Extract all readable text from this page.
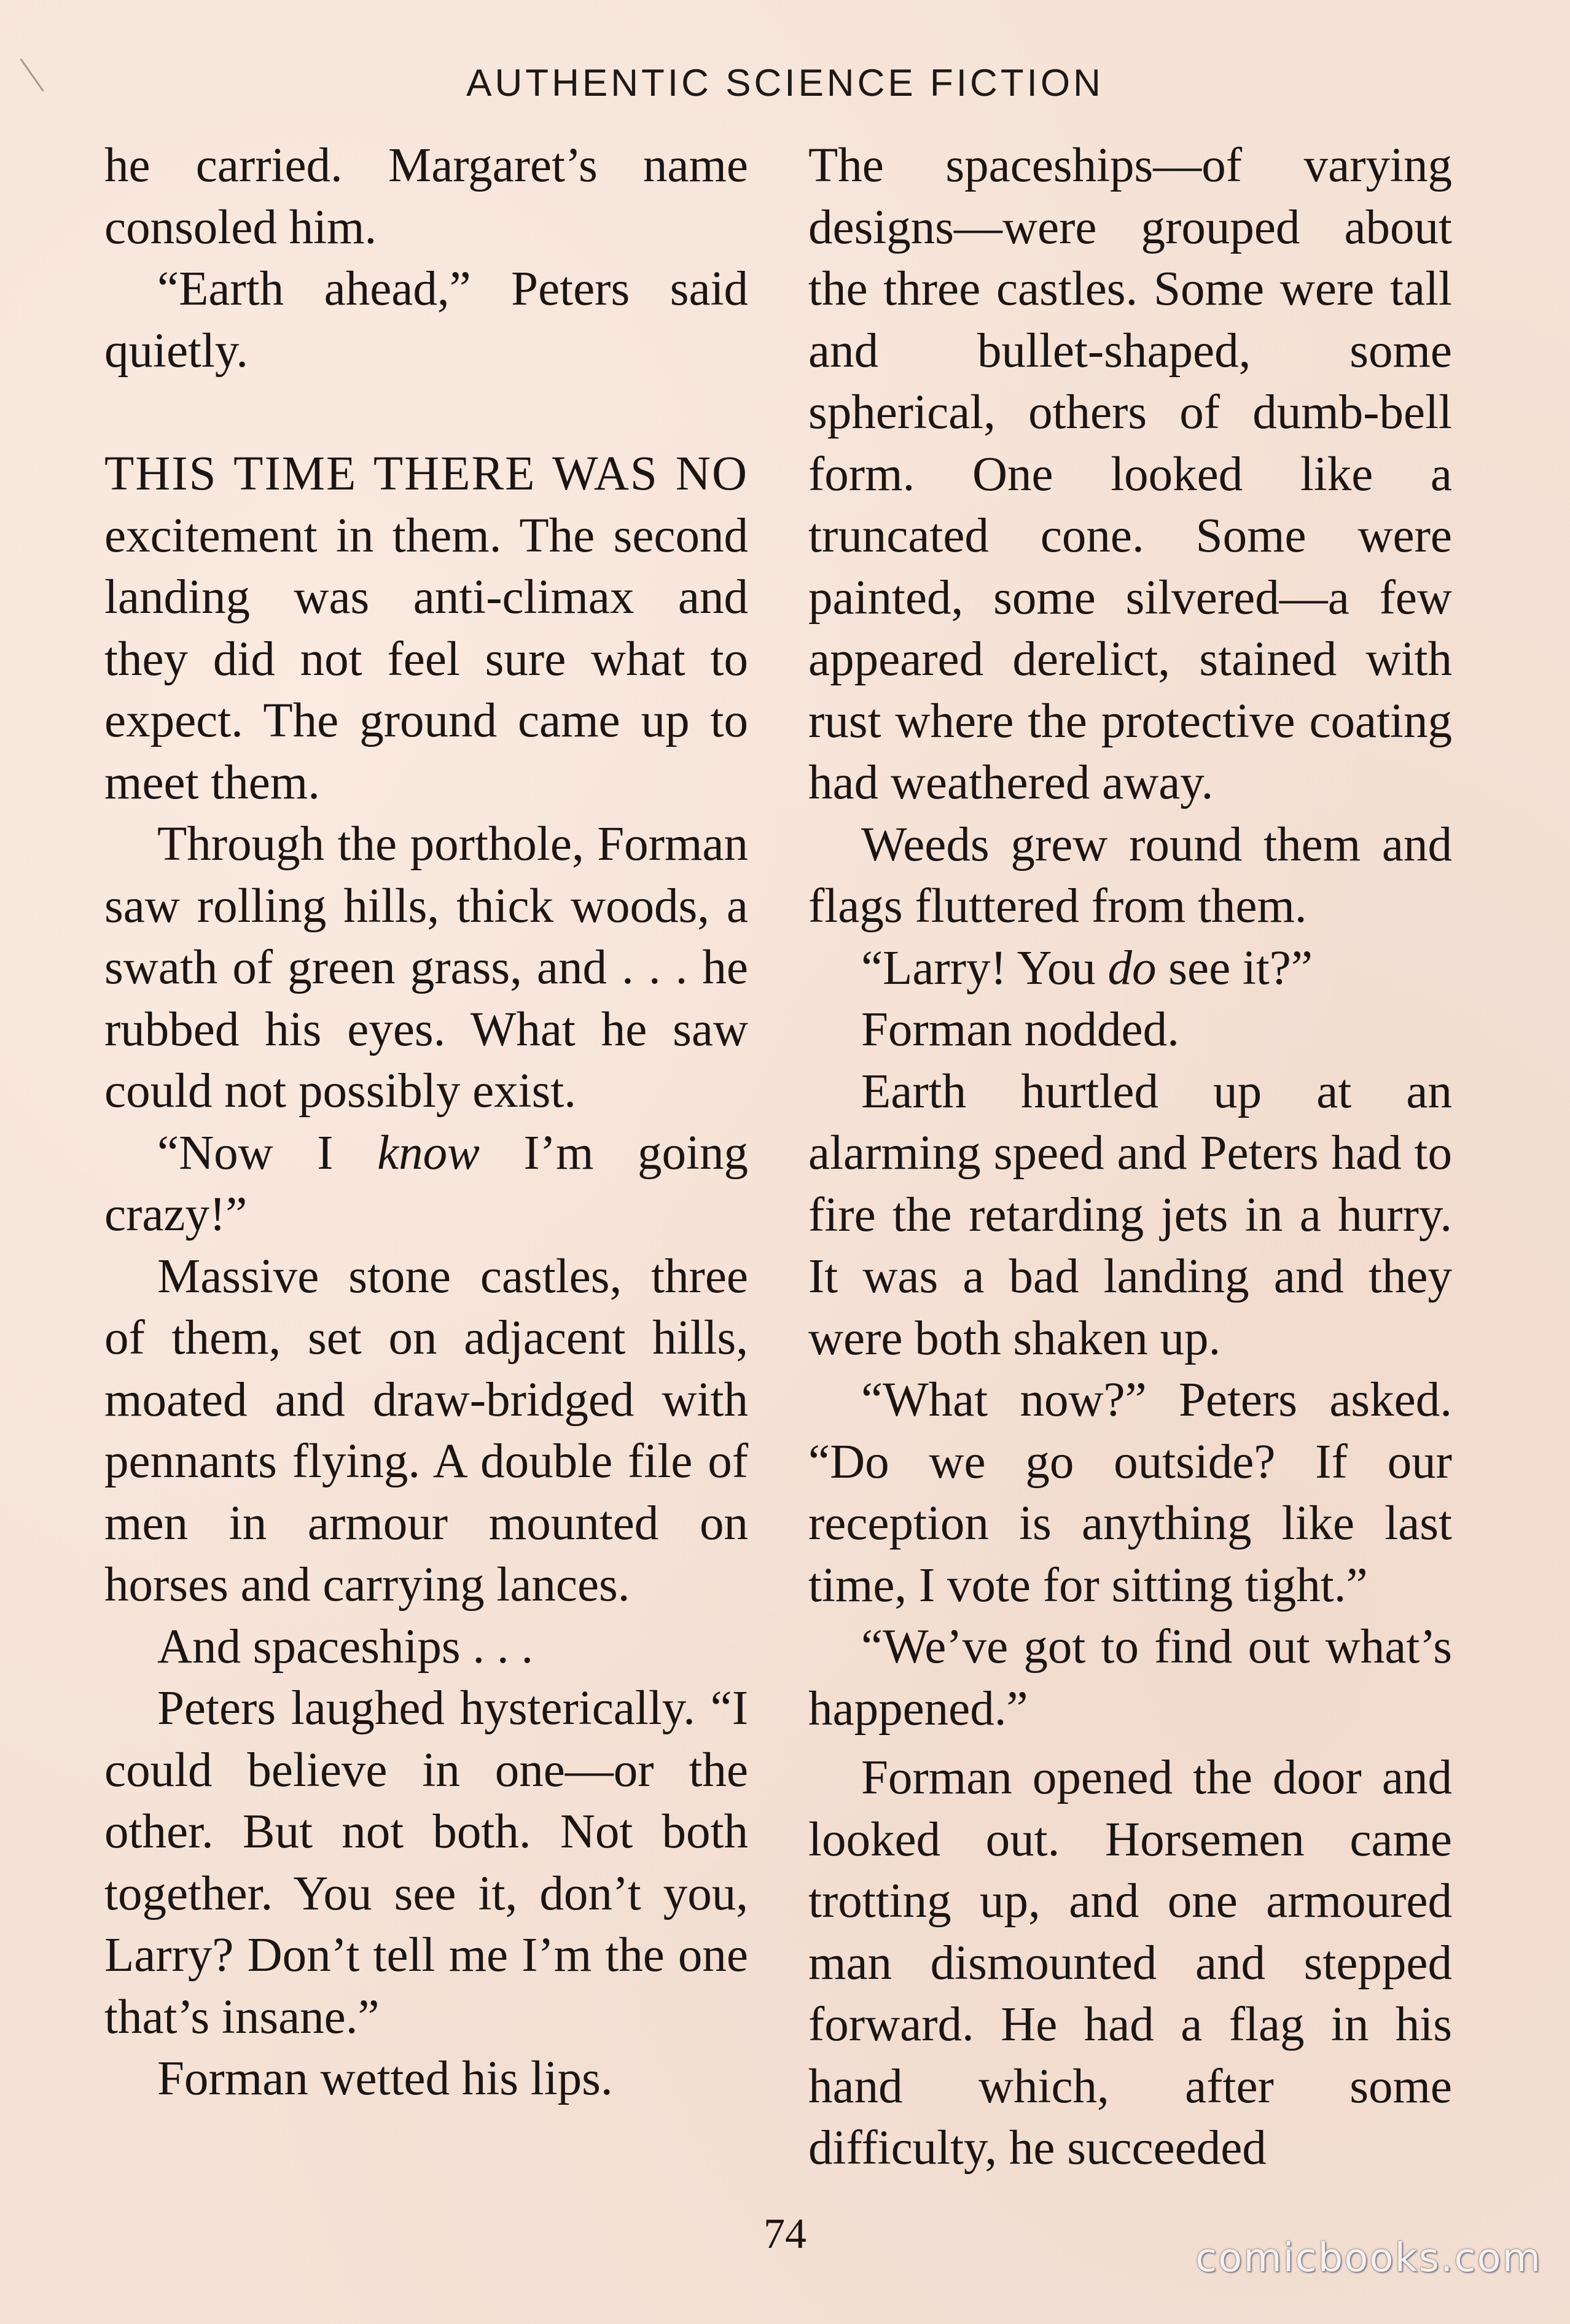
AUTHENTIC SCIENCE FICTION

he carried. Margaret’s name consoled him.

“Earth ahead,” Peters said quietly.

THIS TIME THERE WAS NO excitement in them. The second landing was anti-climax and they did not feel sure what to expect. The ground came up to meet them.

Through the porthole, Forman saw rolling hills, thick woods, a swath of green grass, and . . . he rubbed his eyes. What he saw could not possibly exist.

“Now I know I’m going crazy!”

Massive stone castles, three of them, set on adjacent hills, moated and draw-bridged with pennants flying. A double file of men in armour mounted on horses and carrying lances.

And spaceships . . .

Peters laughed hysterically. “I could believe in one—or the other. But not both. Not both together. You see it, don’t you, Larry? Don’t tell me I’m the one that’s insane.”

Forman wetted his lips.

The spaceships—of varying designs—were grouped about the three castles. Some were tall and bullet-shaped, some spherical, others of dumb-bell form. One looked like a truncated cone. Some were painted, some silvered—a few appeared derelict, stained with rust where the protective coating had weathered away.

Weeds grew round them and flags fluttered from them.

“Larry! You do see it?”

Forman nodded.

Earth hurtled up at an alarming speed and Peters had to fire the retarding jets in a hurry. It was a bad landing and they were both shaken up.

“What now?” Peters asked. “Do we go outside? If our reception is anything like last time, I vote for sitting tight.”

“We’ve got to find out what’s happened.”

Forman opened the door and looked out. Horsemen came trotting up, and one armoured man dismounted and stepped forward. He had a flag in his hand which, after some difficulty, he succeeded

74
comicbooks.com
